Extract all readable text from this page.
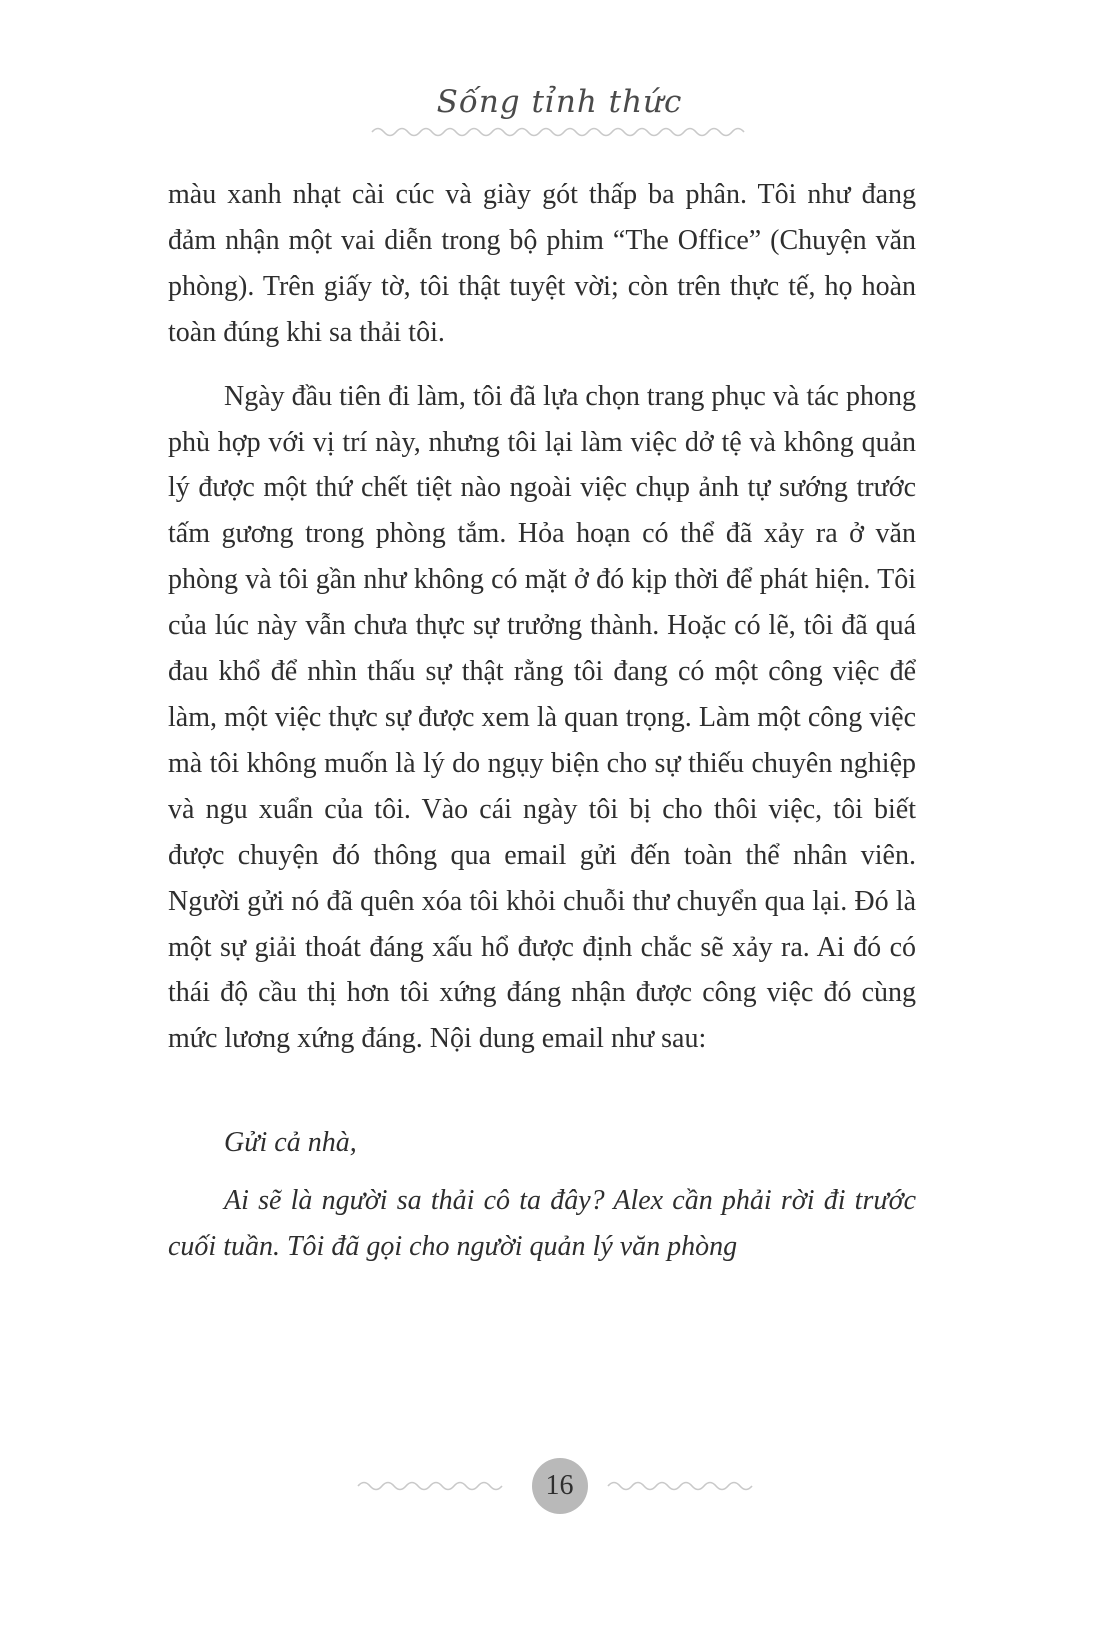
Sống tỉnh thức

màu xanh nhạt cài cúc và giày gót thấp ba phân. Tôi như đang đảm nhận một vai diễn trong bộ phim “The Office” (Chuyện văn phòng). Trên giấy tờ, tôi thật tuyệt vời; còn trên thực tế, họ hoàn toàn đúng khi sa thải tôi.

Ngày đầu tiên đi làm, tôi đã lựa chọn trang phục và tác phong phù hợp với vị trí này, nhưng tôi lại làm việc dở tệ và không quản lý được một thứ chết tiệt nào ngoài việc chụp ảnh tự sướng trước tấm gương trong phòng tắm. Hỏa hoạn có thể đã xảy ra ở văn phòng và tôi gần như không có mặt ở đó kịp thời để phát hiện. Tôi của lúc này vẫn chưa thực sự trưởng thành. Hoặc có lẽ, tôi đã quá đau khổ để nhìn thấu sự thật rằng tôi đang có một công việc để làm, một việc thực sự được xem là quan trọng. Làm một công việc mà tôi không muốn là lý do ngụy biện cho sự thiếu chuyên nghiệp và ngu xuẩn của tôi. Vào cái ngày tôi bị cho thôi việc, tôi biết được chuyện đó thông qua email gửi đến toàn thể nhân viên. Người gửi nó đã quên xóa tôi khỏi chuỗi thư chuyển qua lại. Đó là một sự giải thoát đáng xấu hổ được định chắc sẽ xảy ra. Ai đó có thái độ cầu thị hơn tôi xứng đáng nhận được công việc đó cùng mức lương xứng đáng. Nội dung email như sau:

Gửi cả nhà,

Ai sẽ là người sa thải cô ta đây? Alex cần phải rời đi trước cuối tuần. Tôi đã gọi cho người quản lý văn phòng

16
